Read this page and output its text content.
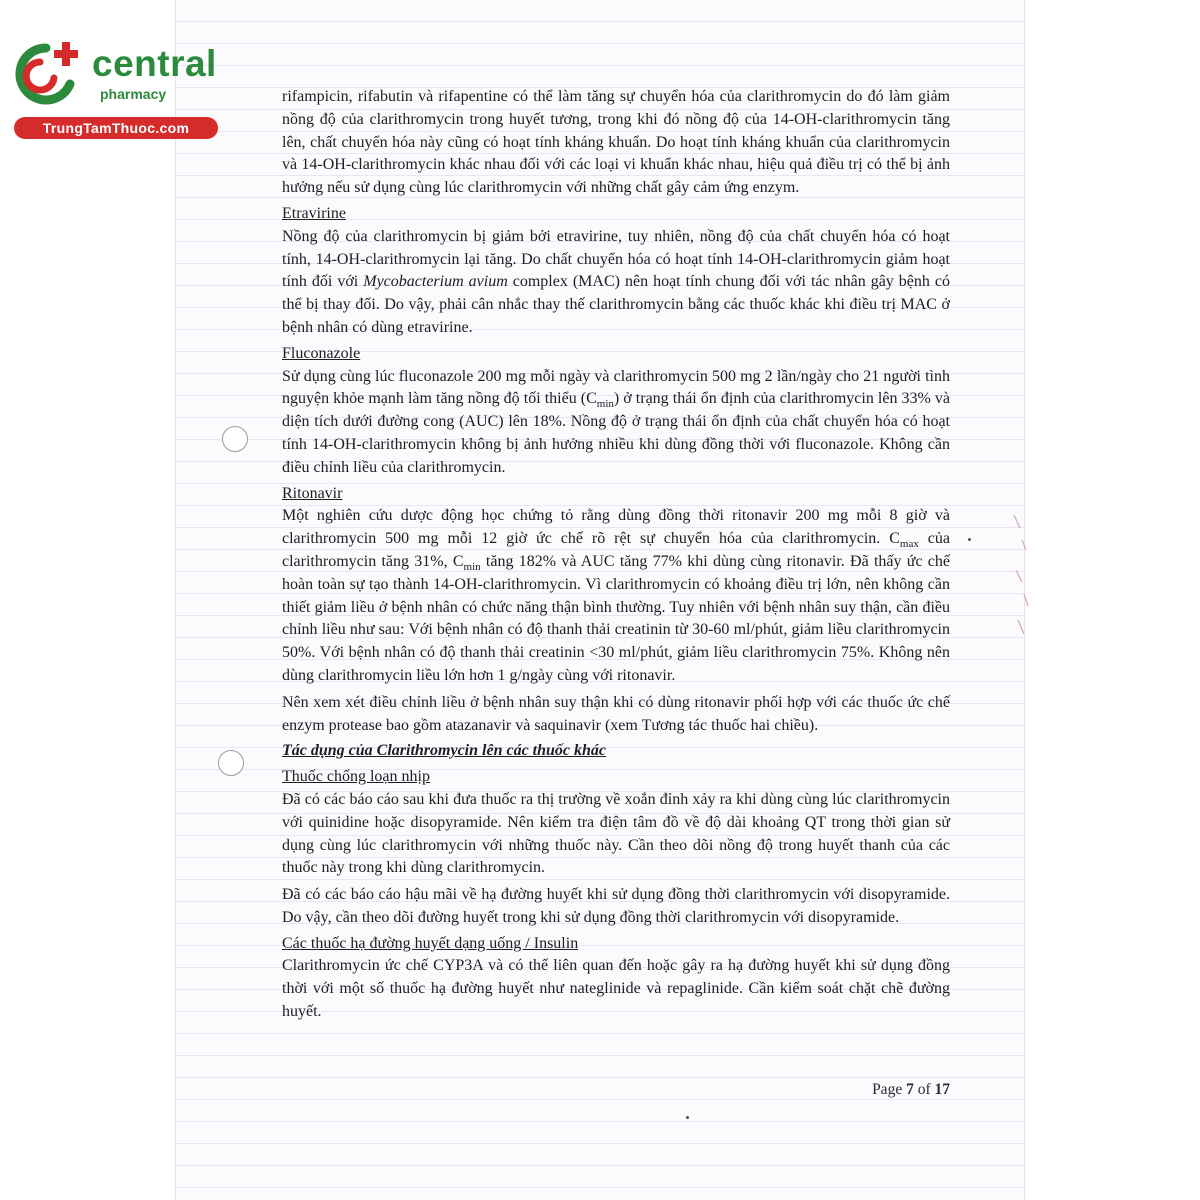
central
pharmacy
TrungTamThuoc.com

rifampicin, rifabutin và rifapentine có thể làm tăng sự chuyển hóa của clarithromycin do đó làm giảm nồng độ của clarithromycin trong huyết tương, trong khi đó nồng độ của 14-OH-clarithromycin tăng lên, chất chuyển hóa này cũng có hoạt tính kháng khuẩn. Do hoạt tính kháng khuẩn của clarithromycin và 14-OH-clarithromycin khác nhau đối với các loại vi khuẩn khác nhau, hiệu quả điều trị có thể bị ảnh hưởng nếu sử dụng cùng lúc clarithromycin với những chất gây cảm ứng enzym.

Etravirine

Nồng độ của clarithromycin bị giảm bởi etravirine, tuy nhiên, nồng độ của chất chuyển hóa có hoạt tính, 14-OH-clarithromycin lại tăng. Do chất chuyển hóa có hoạt tính 14-OH-clarithromycin giảm hoạt tính đối với Mycobacterium avium complex (MAC) nên hoạt tính chung đối với tác nhân gây bệnh có thể bị thay đổi. Do vậy, phải cân nhắc thay thế clarithromycin bằng các thuốc khác khi điều trị MAC ở bệnh nhân có dùng etravirine.

Fluconazole

Sử dụng cùng lúc fluconazole 200 mg mỗi ngày và clarithromycin 500 mg 2 lần/ngày cho 21 người tình nguyện khỏe mạnh làm tăng nồng độ tối thiểu $(C_{min})$ ở trạng thái ổn định của clarithromycin lên 33% và diện tích dưới đường cong (AUC) lên 18%. Nồng độ ở trạng thái ổn định của chất chuyển hóa có hoạt tính 14-OH-clarithromycin không bị ảnh hưởng nhiều khi dùng đồng thời với fluconazole. Không cần điều chỉnh liều của clarithromycin.

Ritonavir

Một nghiên cứu dược động học chứng tỏ rằng dùng đồng thời ritonavir 200 mg mỗi 8 giờ và clarithromycin 500 mg mỗi 12 giờ ức chế rõ rệt sự chuyển hóa của clarithromycin. $C_{max}$ của clarithromycin tăng 31%, $C_{min}$ tăng 182% và AUC tăng 77% khi dùng cùng ritonavir. Đã thấy ức chế hoàn toàn sự tạo thành 14-OH-clarithromycin. Vì clarithromycin có khoảng điều trị lớn, nên không cần thiết giảm liều ở bệnh nhân có chức năng thận bình thường. Tuy nhiên với bệnh nhân suy thận, cần điều chỉnh liều như sau: Với bệnh nhân có độ thanh thải creatinin từ 30-60 ml/phút, giảm liều clarithromycin 50%. Với bệnh nhân có độ thanh thải creatinin <30 ml/phút, giảm liều clarithromycin 75%. Không nên dùng clarithromycin liều lớn hơn 1 g/ngày cùng với ritonavir.

Nên xem xét điều chỉnh liều ở bệnh nhân suy thận khi có dùng ritonavir phối hợp với các thuốc ức chế enzym protease bao gồm atazanavir và saquinavir (xem Tương tác thuốc hai chiều).

Tác dụng của Clarithromycin lên các thuốc khác

Thuốc chống loạn nhịp

Đã có các báo cáo sau khi đưa thuốc ra thị trường về xoắn đỉnh xảy ra khi dùng cùng lúc clarithromycin với quinidine hoặc disopyramide. Nên kiểm tra điện tâm đồ về độ dài khoảng QT trong thời gian sử dụng cùng lúc clarithromycin với những thuốc này. Cần theo dõi nồng độ trong huyết thanh của các thuốc này trong khi dùng clarithromycin.

Đã có các báo cáo hậu mãi về hạ đường huyết khi sử dụng đồng thời clarithromycin với disopyramide. Do vậy, cần theo dõi đường huyết trong khi sử dụng đồng thời clarithromycin với disopyramide.

Các thuốc hạ đường huyết dạng uống / Insulin

Clarithromycin ức chế CYP3A và có thể liên quan đến hoặc gây ra hạ đường huyết khi sử dụng đồng thời với một số thuốc hạ đường huyết như nateglinide và repaglinide. Cần kiểm soát chặt chẽ đường huyết.

Page 7 of 17
